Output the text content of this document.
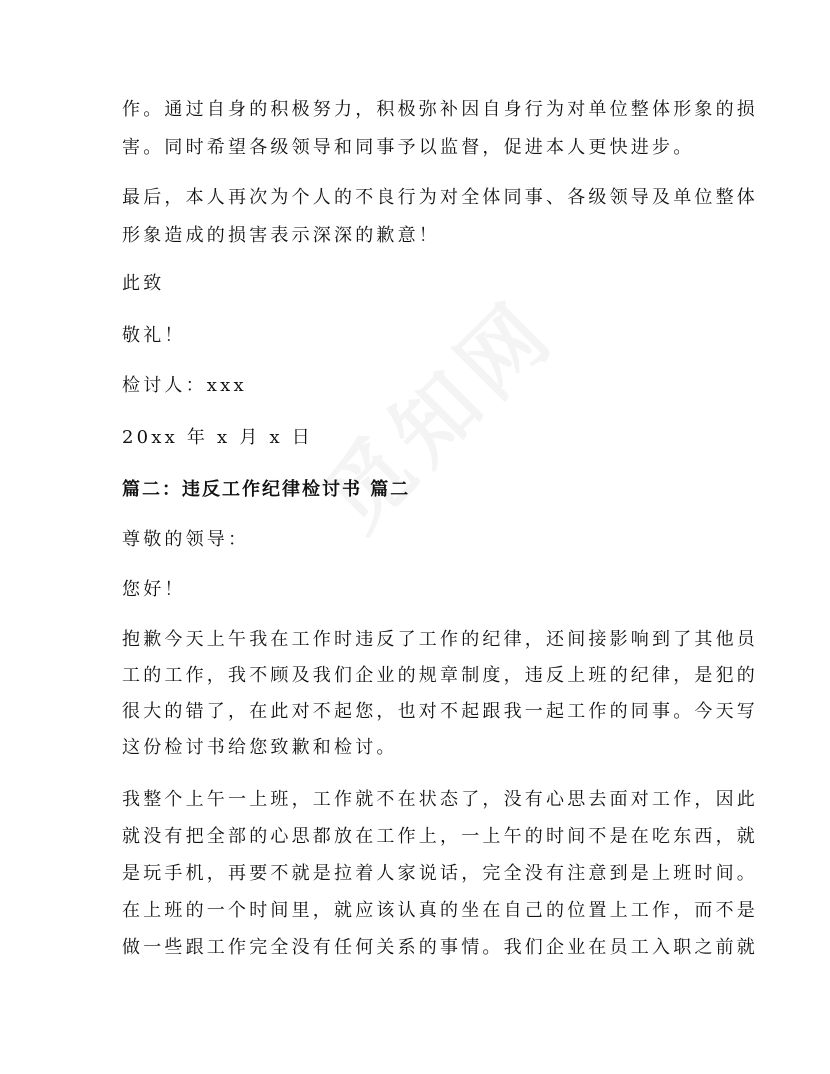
作。通过自身的积极努力，积极弥补因自身行为对单位整体形象的损
害。同时希望各级领导和同事予以监督，促进本人更快进步。
最后，本人再次为个人的不良行为对全体同事、各级领导及单位整体
形象造成的损害表示深深的歉意！
此致
敬礼！
检讨人：xxx
20xx 年 x 月 x 日
篇二：违反工作纪律检讨书 篇二
尊敬的领导：
您好！
抱歉今天上午我在工作时违反了工作的纪律，还间接影响到了其他员
工的工作，我不顾及我们企业的规章制度，违反上班的纪律，是犯的
很大的错了，在此对不起您，也对不起跟我一起工作的同事。今天写
这份检讨书给您致歉和检讨。
我整个上午一上班，工作就不在状态了，没有心思去面对工作，因此
就没有把全部的心思都放在工作上，一上午的时间不是在吃东西，就
是玩手机，再要不就是拉着人家说话，完全没有注意到是上班时间。
在上班的一个时间里，就应该认真的坐在自己的位置上工作，而不是
做一些跟工作完全没有任何关系的事情。我们企业在员工入职之前就
